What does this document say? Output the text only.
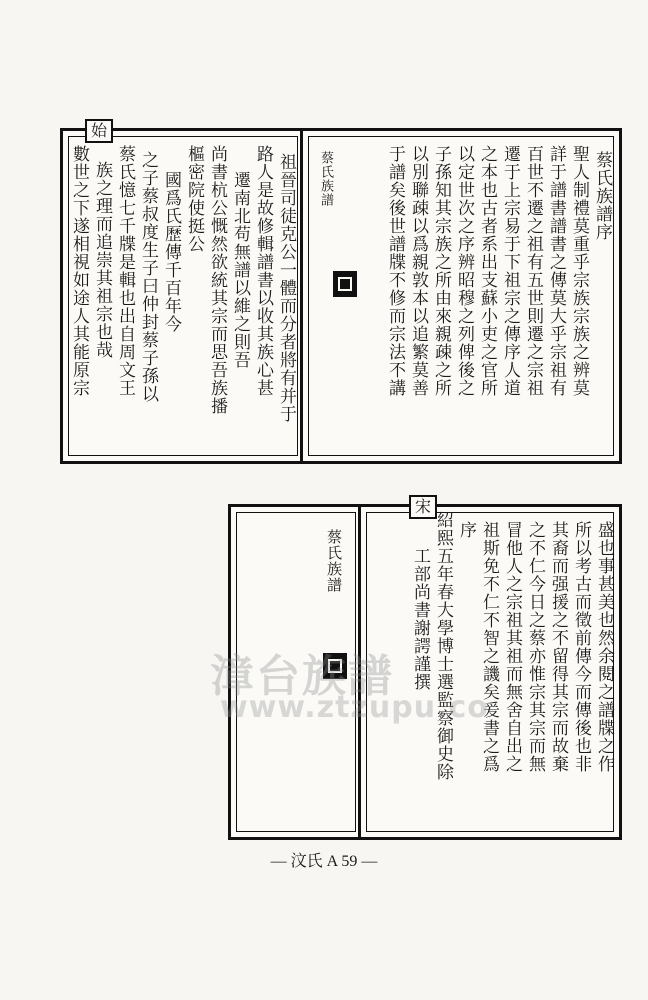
始
祖晉司徒克公一體而分者將有并于
路人是故修輯譜書以收其族心甚
遷南北苟無譜以維之則吾
尚書杭公慨然欲統其宗而思吾族播
樞密院使挺公
國爲氏歷傳千百年今
之子蔡叔度生子曰仲封蔡子孫以
蔡氏憶七千牒是輯也出自周文王
族之理而追崇其祖宗也哉
數世之下遂相視如途人其能原宗	蔡氏族譜序
聖人制禮莫重乎宗族宗族之辨莫
詳于譜書譜書之傳莫大乎宗祖有
百世不遷之祖有五世則遷之宗祖
遷于上宗易于下祖宗之傳序人道
之本也古者系出支蘇小吏之官所
以定世次之序辨昭穆之列俾後之
子孫知其宗族之所由來親疎之所
以別聯疎以爲親敦本以追繁莫善
于譜矣後世譜牒不修而宗法不講
蔡氏族譜
蔡氏族譜
宋
盛也事甚美也然余閱之譜牒之作
所以考古而徵前傳今而傳後也非
其裔而强援之不留得其宗而故棄
之不仁今日之蔡亦惟宗其宗而無
冒他人之宗祖其祖而無舍自出之
祖斯免不仁不智之譏矣爰書之爲
序
紹熙五年春大學博士選監察御史除
工部尚書謝諤謹撰
漳台族譜
www.ztzupu.co
— 汶氏 A 59 —
